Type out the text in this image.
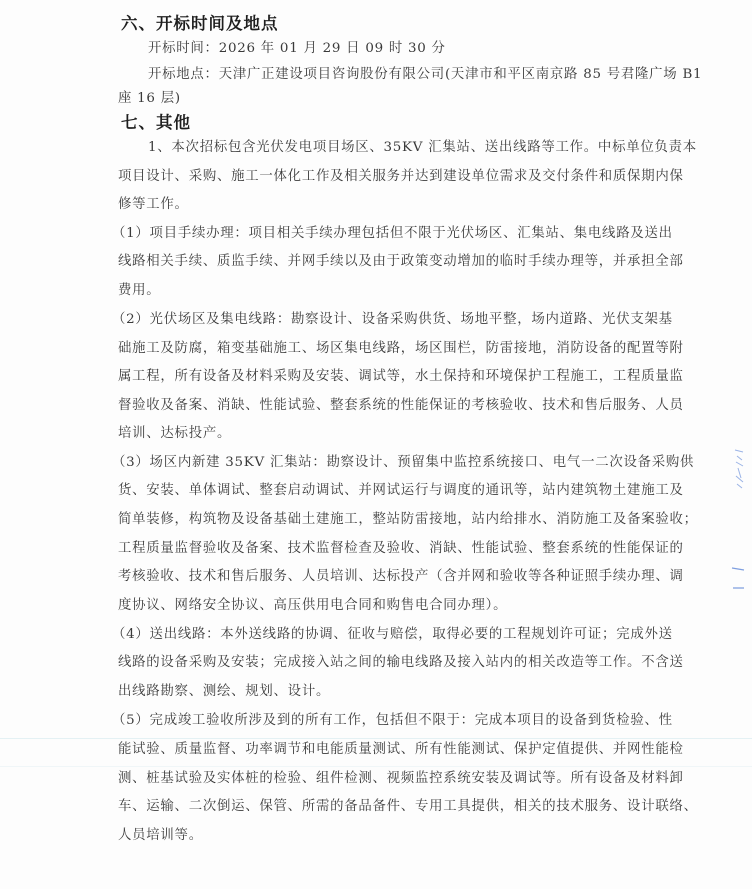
六、开标时间及地点
开标时间：2026 年 01 月 29 日 09 时 30 分
开标地点：天津广正建设项目咨询股份有限公司(天津市和平区南京路 85 号君隆广场 B1
座 16 层)
七、其他
1、本次招标包含光伏发电项目场区、35KV 汇集站、送出线路等工作。中标单位负责本
项目设计、采购、施工一体化工作及相关服务并达到建设单位需求及交付条件和质保期内保
修等工作。
（1）项目手续办理：项目相关手续办理包括但不限于光伏场区、汇集站、集电线路及送出
线路相关手续、质监手续、并网手续以及由于政策变动增加的临时手续办理等，并承担全部
费用。
（2）光伏场区及集电线路：勘察设计、设备采购供货、场地平整，场内道路、光伏支架基
础施工及防腐，箱变基础施工、场区集电线路，场区围栏，防雷接地，消防设备的配置等附
属工程，所有设备及材料采购及安装、调试等，水土保持和环境保护工程施工，工程质量监
督验收及备案、消缺、性能试验、整套系统的性能保证的考核验收、技术和售后服务、人员
培训、达标投产。
（3）场区内新建 35KV 汇集站：勘察设计、预留集中监控系统接口、电气一二次设备采购供
货、安装、单体调试、整套启动调试、并网试运行与调度的通讯等，站内建筑物土建施工及
简单装修，构筑物及设备基础土建施工，整站防雷接地，站内给排水、消防施工及备案验收；
工程质量监督验收及备案、技术监督检查及验收、消缺、性能试验、整套系统的性能保证的
考核验收、技术和售后服务、人员培训、达标投产（含并网和验收等各种证照手续办理、调
度协议、网络安全协议、高压供用电合同和购售电合同办理）。
（4）送出线路：本外送线路的协调、征收与赔偿，取得必要的工程规划许可证；完成外送
线路的设备采购及安装；完成接入站之间的输电线路及接入站内的相关改造等工作。不含送
出线路勘察、测绘、规划、设计。
（5）完成竣工验收所涉及到的所有工作，包括但不限于：完成本项目的设备到货检验、性
能试验、质量监督、功率调节和电能质量测试、所有性能测试、保护定值提供、并网性能检
测、桩基试验及实体桩的检验、组件检测、视频监控系统安装及调试等。所有设备及材料卸
车、运输、二次倒运、保管、所需的备品备件、专用工具提供，相关的技术服务、设计联络、
人员培训等。
